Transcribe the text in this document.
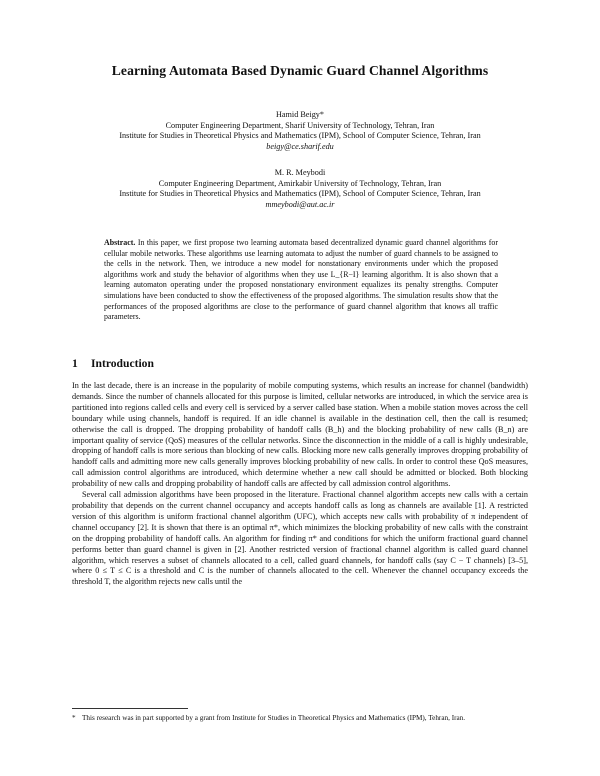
Learning Automata Based Dynamic Guard Channel Algorithms
Hamid Beigy*
Computer Engineering Department, Sharif University of Technology, Tehran, Iran
Institute for Studies in Theoretical Physics and Mathematics (IPM), School of Computer Science, Tehran, Iran
beigy@ce.sharif.edu
M. R. Meybodi
Computer Engineering Department, Amirkabir University of Technology, Tehran, Iran
Institute for Studies in Theoretical Physics and Mathematics (IPM), School of Computer Science, Tehran, Iran
mmeybodi@aut.ac.ir
Abstract. In this paper, we first propose two learning automata based decentralized dynamic guard channel algorithms for cellular mobile networks. These algorithms use learning automata to adjust the number of guard channels to be assigned to the cells in the network. Then, we introduce a new model for nonstationary environments under which the proposed algorithms work and study the behavior of algorithms when they use L_{R−I} learning algorithm. It is also shown that a learning automaton operating under the proposed nonstationary environment equalizes its penalty strengths. Computer simulations have been conducted to show the effectiveness of the proposed algorithms. The simulation results show that the performances of the proposed algorithms are close to the performance of guard channel algorithm that knows all traffic parameters.
1 Introduction

In the last decade, there is an increase in the popularity of mobile computing systems, which results an increase for channel (bandwidth) demands. Since the number of channels allocated for this purpose is limited, cellular networks are introduced, in which the service area is partitioned into regions called cells and every cell is serviced by a server called base station. When a mobile station moves across the cell boundary while using channels, handoff is required. If an idle channel is available in the destination cell, then the call is resumed; otherwise the call is dropped. The dropping probability of handoff calls (B_h) and the blocking probability of new calls (B_n) are important quality of service (QoS) measures of the cellular networks. Since the disconnection in the middle of a call is highly undesirable, dropping of handoff calls is more serious than blocking of new calls. Blocking more new calls generally improves dropping probability of handoff calls and admitting more new calls generally improves blocking probability of new calls. In order to control these QoS measures, call admission control algorithms are introduced, which determine whether a new call should be admitted or blocked. Both blocking probability of new calls and dropping probability of handoff calls are affected by call admission control algorithms.

Several call admission algorithms have been proposed in the literature. Fractional channel algorithm accepts new calls with a certain probability that depends on the current channel occupancy and accepts handoff calls as long as channels are available [1]. A restricted version of this algorithm is uniform fractional channel algorithm (UFC), which accepts new calls with probability of π independent of channel occupancy [2]. It is shown that there is an optimal π*, which minimizes the blocking probability of new calls with the constraint on the dropping probability of handoff calls. An algorithm for finding π* and conditions for which the uniform fractional guard channel performs better than guard channel is given in [2]. Another restricted version of fractional channel algorithm is called guard channel algorithm, which reserves a subset of channels allocated to a cell, called guard channels, for handoff calls (say C − T channels) [3–5], where 0 ≤ T ≤ C is a threshold and C is the number of channels allocated to the cell. Whenever the channel occupancy exceeds the threshold T, the algorithm rejects new calls until the

* This research was in part supported by a grant from Institute for Studies in Theoretical Physics and Mathematics (IPM), Tehran, Iran.
